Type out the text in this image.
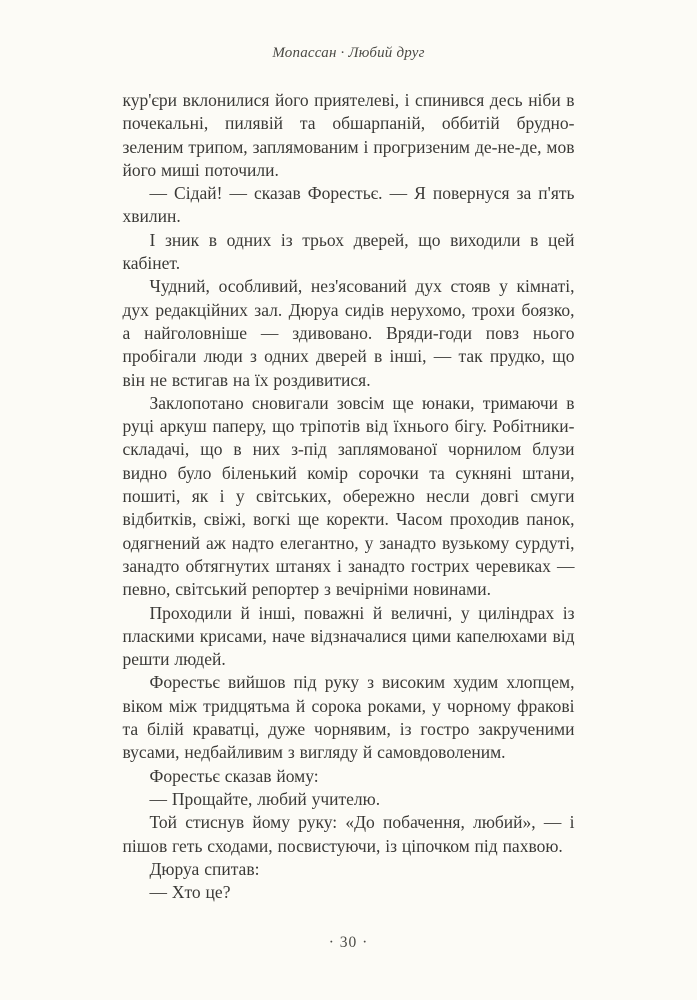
Мопассан · Любий друг

кур'єри вклонилися його приятелеві, і спинився десь ніби в почекальні, пилявій та обшарпаній, оббитій брудно-зеленим трипом, заплямованим і прогризеним де-не-де, мов його миші поточили.

— Сідай! — сказав Форестьє. — Я повернуся за п'ять хвилин.

І зник в одних із трьох дверей, що виходили в цей кабінет.

Чудний, особливий, нез'ясований дух стояв у кімнаті, дух редакційних зал. Дюруа сидів нерухомо, трохи боязко, а найголовніше — здивовано. Вряди-годи повз нього пробігали люди з одних дверей в інші, — так прудко, що він не встигав на їх роздивитися.

Заклопотано сновигали зовсім ще юнаки, тримаючи в руці аркуш паперу, що тріпотів від їхнього бігу. Робітники-складачі, що в них з-під заплямованої чорнилом блузи видно було біленький комір сорочки та сукняні штани, пошиті, як і у світських, обережно несли довгі смуги відбитків, свіжі, вогкі ще коректи. Часом проходив панок, одягнений аж надто елегантно, у занадто вузькому сурдуті, занадто обтягнутих штанях і занадто гострих черевиках — певно, світський репортер з вечірніми новинами.

Проходили й інші, поважні й величні, у циліндрах із пласкими крисами, наче відзначалися цими капелюхами від решти людей.

Форестьє вийшов під руку з високим худим хлопцем, віком між тридцятьма й сорока роками, у чорному фракові та білій краватці, дуже чорнявим, із гостро закрученими вусами, недбайливим з вигляду й самовдоволеним.

Форестьє сказав йому:

— Прощайте, любий учителю.

Той стиснув йому руку: «До побачення, любий», — і пішов геть сходами, посвистуючи, із ціпочком під пахвою.

Дюруа спитав:

— Хто це?

· 30 ·
